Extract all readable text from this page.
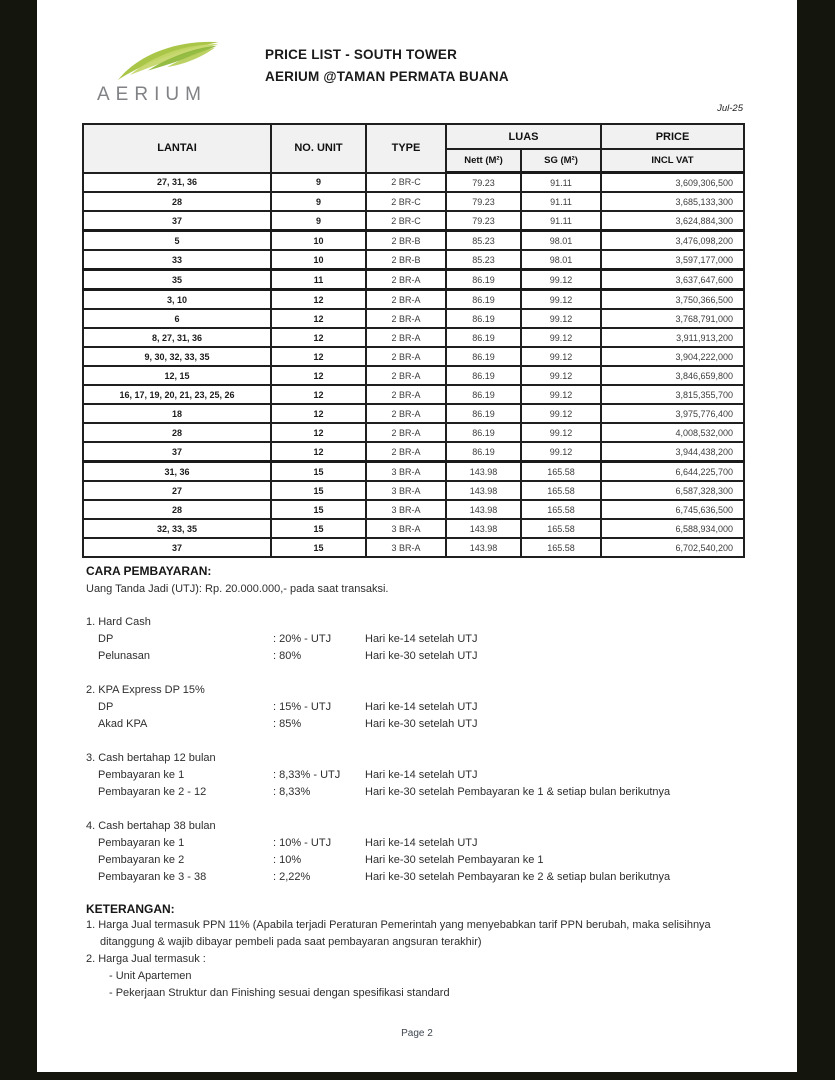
AERIUM
PRICE LIST - SOUTH TOWER
AERIUM @TAMAN PERMATA BUANA
Jul-25
LANTAI	NO. UNIT	TYPE	LUAS		PRICE
			Nett (M²)	SG (M²)	INCL VAT
27, 31, 36	9	2 BR-C	79.23	91.11	3,609,306,500
28	9	2 BR-C	79.23	91.11	3,685,133,300
37	9	2 BR-C	79.23	91.11	3,624,884,300
5	10	2 BR-B	85.23	98.01	3,476,098,200
33	10	2 BR-B	85.23	98.01	3,597,177,000
35	11	2 BR-A	86.19	99.12	3,637,647,600
3, 10	12	2 BR-A	86.19	99.12	3,750,366,500
6	12	2 BR-A	86.19	99.12	3,768,791,000
8, 27, 31, 36	12	2 BR-A	86.19	99.12	3,911,913,200
9, 30, 32, 33, 35	12	2 BR-A	86.19	99.12	3,904,222,000
12, 15	12	2 BR-A	86.19	99.12	3,846,659,800
16, 17, 19, 20, 21, 23, 25, 26	12	2 BR-A	86.19	99.12	3,815,355,700
18	12	2 BR-A	86.19	99.12	3,975,776,400
28	12	2 BR-A	86.19	99.12	4,008,532,000
37	12	2 BR-A	86.19	99.12	3,944,438,200
31, 36	15	3 BR-A	143.98	165.58	6,644,225,700
27	15	3 BR-A	143.98	165.58	6,587,328,300
28	15	3 BR-A	143.98	165.58	6,745,636,500
32, 33, 35	15	3 BR-A	143.98	165.58	6,588,934,000
37	15	3 BR-A	143.98	165.58	6,702,540,200
CARA PEMBAYARAN:
Uang Tanda Jadi (UTJ): Rp. 20.000.000,- pada saat transaksi.
1. Hard Cash
DP	: 20% - UTJ	Hari ke-14 setelah UTJ
Pelunasan	: 80%	Hari ke-30 setelah UTJ
2. KPA Express DP 15%
DP	: 15% - UTJ	Hari ke-14 setelah UTJ
Akad KPA	: 85%	Hari ke-30 setelah UTJ
3. Cash bertahap 12 bulan
Pembayaran ke 1	: 8,33% - UTJ	Hari ke-14 setelah UTJ
Pembayaran ke 2 - 12	: 8,33%	Hari ke-30 setelah Pembayaran ke 1 & setiap bulan berikutnya
4. Cash bertahap 38 bulan
Pembayaran ke 1	: 10% - UTJ	Hari ke-14 setelah UTJ
Pembayaran ke 2	: 10%	Hari ke-30 setelah Pembayaran ke 1
Pembayaran ke 3 - 38	: 2,22%	Hari ke-30 setelah Pembayaran ke 2 & setiap bulan berikutnya
KETERANGAN:
1. Harga Jual termasuk PPN 11% (Apabila terjadi Peraturan Pemerintah yang menyebabkan tarif PPN berubah, maka selisihnya ditanggung & wajib dibayar pembeli pada saat pembayaran angsuran terakhir)
2. Harga Jual termasuk :
- Unit Apartemen
- Pekerjaan Struktur dan Finishing sesuai dengan spesifikasi standard
Page 2
